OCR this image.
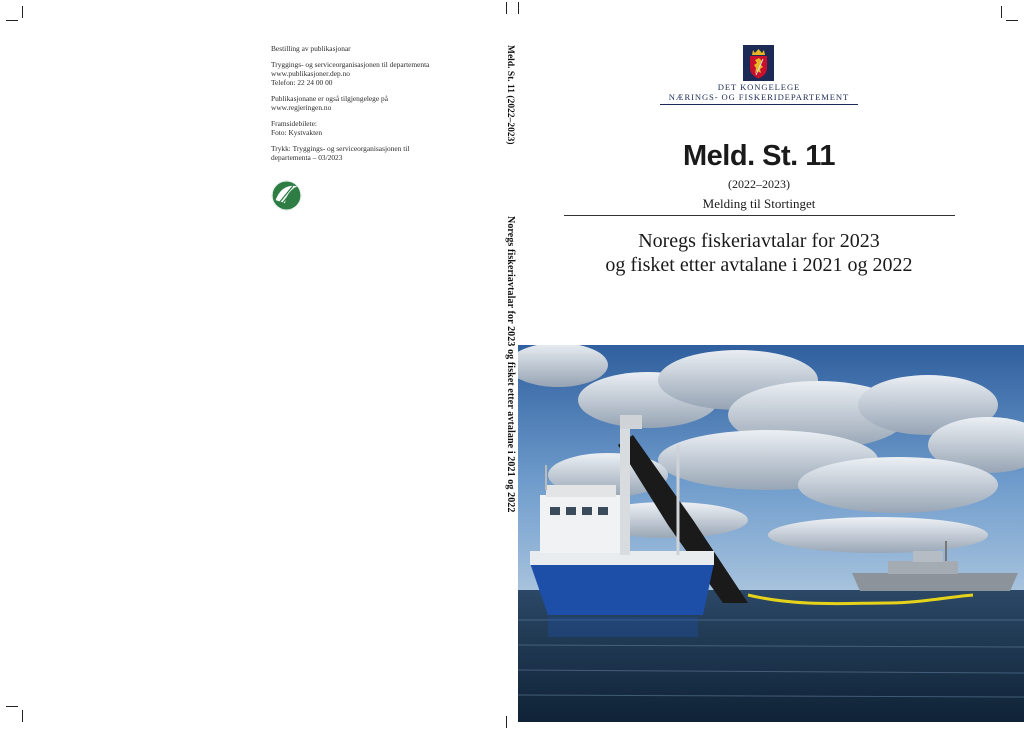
Bestilling av publikasjonar

Tryggings- og serviceorganisasjonen til departementa
www.publikasjoner.dep.no
Telefon: 22 24 00 00

Publikasjonane er også tilgjengelege på
www.regjeringen.no

Framsidebilete:
Foto: Kystvakten

Trykk: Tryggings- og serviceorganisasjonen til
departementa – 03/2023

Meld. St. 11 (2022–2023)
Noregs fiskeriavtalar for 2023 og fisket etter avtalane i 2021 og 2022
DET KONGELEGE
NÆRINGS- OG FISKERIDEPARTEMENT
Meld. St. 11
(2022–2023)
Melding til Stortinget
Noregs fiskeriavtalar for 2023
og fisket etter avtalane i 2021 og 2022
